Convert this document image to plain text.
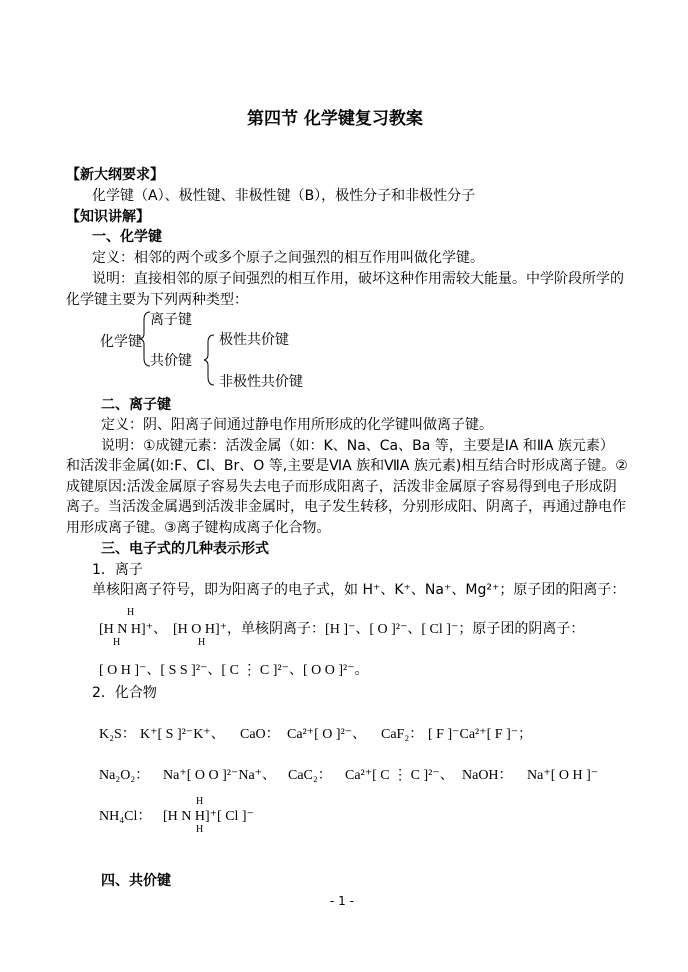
第四节 化学键复习教案
【新大纲要求】
化学键（A）、极性键、非极性键（B），极性分子和非极性分子
【知识讲解】
一、化学键
定义：相邻的两个或多个原子之间强烈的相互作用叫做化学键。
说明：直接相邻的原子间强烈的相互作用，破坏这种作用需较大能量。中学阶段所学的
化学键主要为下列两种类型：
化学键
离子键
共价键
极性共价键
非极性共价键
二、离子键
定义：阴、阳离子间通过静电作用所形成的化学键叫做离子键。
说明：①成键元素：活泼金属（如：K、Na、Ca、Ba 等，主要是ⅠA 和ⅡA 族元素）
和活泼非金属(如:F、Cl、Br、O 等,主要是ⅥA 族和ⅦA 族元素)相互结合时形成离子键。②
成键原因:活泼金属原子容易失去电子而形成阳离子，活泼非金属原子容易得到电子形成阴
离子。当活泼金属遇到活泼非金属时，电子发生转移，分别形成阳、阴离子，再通过静电作
用形成离子键。③离子键构成离子化合物。
三、电子式的几种表示形式
1．离子
单核阳离子符号，即为阳离子的电子式，如 H⁺、K⁺、Na⁺、Mg²⁺；原子团的阳离子：
H
[H N H]⁺、 [H O H]⁺，单核阴离子：[H ]⁻、[ O ]²⁻、[ Cl ]⁻；原子团的阴离子：
H	H
[ O H ]⁻、[ S S ]²⁻、[ C ⋮ C ]²⁻、[ O O ]²⁻。
2．化合物
K₂S： K⁺[ S ]²⁻K⁺、 CaO： Ca²⁺[ O ]²⁻、 CaF₂： [ F ]⁻Ca²⁺[ F ]⁻；
Na₂O₂： Na⁺[ O O ]²⁻Na⁺、 CaC₂： Ca²⁺[ C ⋮ C ]²⁻、 NaOH： Na⁺[ O H ]⁻
H
NH₄Cl： [H N H]⁺[ Cl ]⁻
H
四、共价键
- 1 -
